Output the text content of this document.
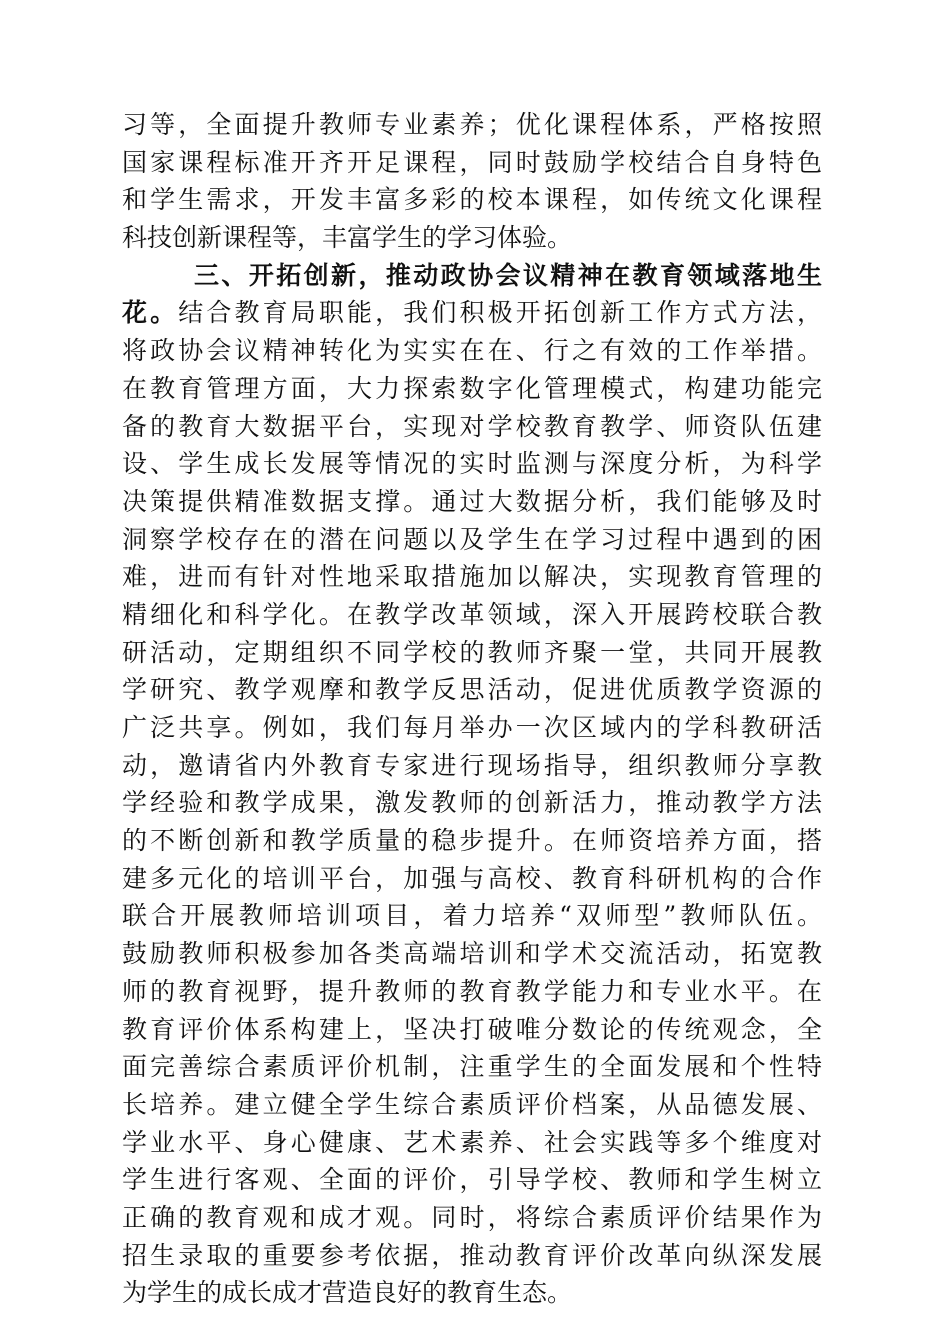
习等，全面提升教师专业素养；优化课程体系，严格按照
国家课程标准开齐开足课程，同时鼓励学校结合自身特色
和学生需求，开发丰富多彩的校本课程，如传统文化课程
科技创新课程等，丰富学生的学习体验。
三、开拓创新，推动政协会议精神在教育领域落地生
花。结合教育局职能，我们积极开拓创新工作方式方法，
将政协会议精神转化为实实在在、行之有效的工作举措。
在教育管理方面，大力探索数字化管理模式，构建功能完
备的教育大数据平台，实现对学校教育教学、师资队伍建
设、学生成长发展等情况的实时监测与深度分析，为科学
决策提供精准数据支撑。通过大数据分析，我们能够及时
洞察学校存在的潜在问题以及学生在学习过程中遇到的困
难，进而有针对性地采取措施加以解决，实现教育管理的
精细化和科学化。在教学改革领域，深入开展跨校联合教
研活动，定期组织不同学校的教师齐聚一堂，共同开展教
学研究、教学观摩和教学反思活动，促进优质教学资源的
广泛共享。例如，我们每月举办一次区域内的学科教研活
动，邀请省内外教育专家进行现场指导，组织教师分享教
学经验和教学成果，激发教师的创新活力，推动教学方法
的不断创新和教学质量的稳步提升。在师资培养方面，搭
建多元化的培训平台，加强与高校、教育科研机构的合作
联合开展教师培训项目，着力培养“双师型”教师队伍。
鼓励教师积极参加各类高端培训和学术交流活动，拓宽教
师的教育视野，提升教师的教育教学能力和专业水平。在
教育评价体系构建上，坚决打破唯分数论的传统观念，全
面完善综合素质评价机制，注重学生的全面发展和个性特
长培养。建立健全学生综合素质评价档案，从品德发展、
学业水平、身心健康、艺术素养、社会实践等多个维度对
学生进行客观、全面的评价，引导学校、教师和学生树立
正确的教育观和成才观。同时，将综合素质评价结果作为
招生录取的重要参考依据，推动教育评价改革向纵深发展
为学生的成长成才营造良好的教育生态。
